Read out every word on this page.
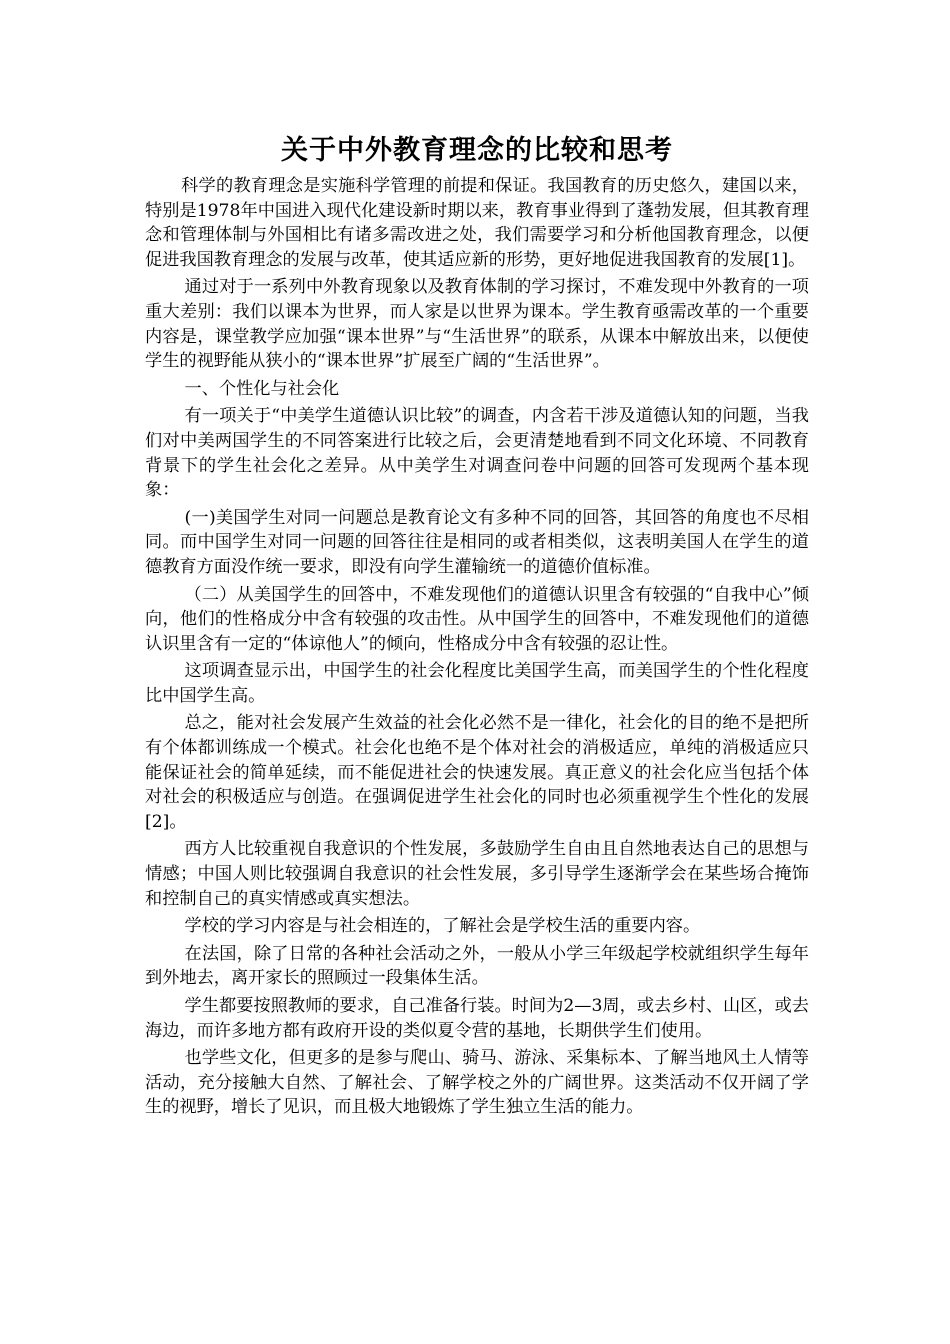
关于中外教育理念的比较和思考

科学的教育理念是实施科学管理的前提和保证。我国教育的历史悠久，建国以来，特别是1978年中国进入现代化建设新时期以来，教育事业得到了蓬勃发展，但其教育理念和管理体制与外国相比有诸多需改进之处，我们需要学习和分析他国教育理念，以便促进我国教育理念的发展与改革，使其适应新的形势，更好地促进我国教育的发展[1]。

通过对于一系列中外教育现象以及教育体制的学习探讨，不难发现中外教育的一项重大差别：我们以课本为世界，而人家是以世界为课本。学生教育亟需改革的一个重要内容是，课堂教学应加强“课本世界”与“生活世界”的联系，从课本中解放出来，以便使学生的视野能从狭小的“课本世界”扩展至广阔的“生活世界”。

一、个性化与社会化

有一项关于“中美学生道德认识比较”的调查，内含若干涉及道德认知的问题，当我们对中美两国学生的不同答案进行比较之后，会更清楚地看到不同文化环境、不同教育背景下的学生社会化之差异。从中美学生对调查问卷中问题的回答可发现两个基本现象：

(一)美国学生对同一问题总是教育论文有多种不同的回答，其回答的角度也不尽相同。而中国学生对同一问题的回答往往是相同的或者相类似，这表明美国人在学生的道德教育方面没作统一要求，即没有向学生灌输统一的道德价值标准。

（二）从美国学生的回答中，不难发现他们的道德认识里含有较强的“自我中心”倾向，他们的性格成分中含有较强的攻击性。从中国学生的回答中，不难发现他们的道德认识里含有一定的“体谅他人”的倾向，性格成分中含有较强的忍让性。

这项调查显示出，中国学生的社会化程度比美国学生高，而美国学生的个性化程度比中国学生高。

总之，能对社会发展产生效益的社会化必然不是一律化，社会化的目的绝不是把所有个体都训练成一个模式。社会化也绝不是个体对社会的消极适应，单纯的消极适应只能保证社会的简单延续，而不能促进社会的快速发展。真正意义的社会化应当包括个体对社会的积极适应与创造。在强调促进学生社会化的同时也必须重视学生个性化的发展[2]。

西方人比较重视自我意识的个性发展，多鼓励学生自由且自然地表达自己的思想与情感；中国人则比较强调自我意识的社会性发展，多引导学生逐渐学会在某些场合掩饰和控制自己的真实情感或真实想法。

学校的学习内容是与社会相连的，了解社会是学校生活的重要内容。

在法国，除了日常的各种社会活动之外，一般从小学三年级起学校就组织学生每年到外地去，离开家长的照顾过一段集体生活。

学生都要按照教师的要求，自己准备行装。时间为2—3周，或去乡村、山区，或去海边，而许多地方都有政府开设的类似夏令营的基地，长期供学生们使用。

也学些文化，但更多的是参与爬山、骑马、游泳、采集标本、了解当地风土人情等活动，充分接触大自然、了解社会、了解学校之外的广阔世界。这类活动不仅开阔了学生的视野，增长了见识，而且极大地锻炼了学生独立生活的能力。
